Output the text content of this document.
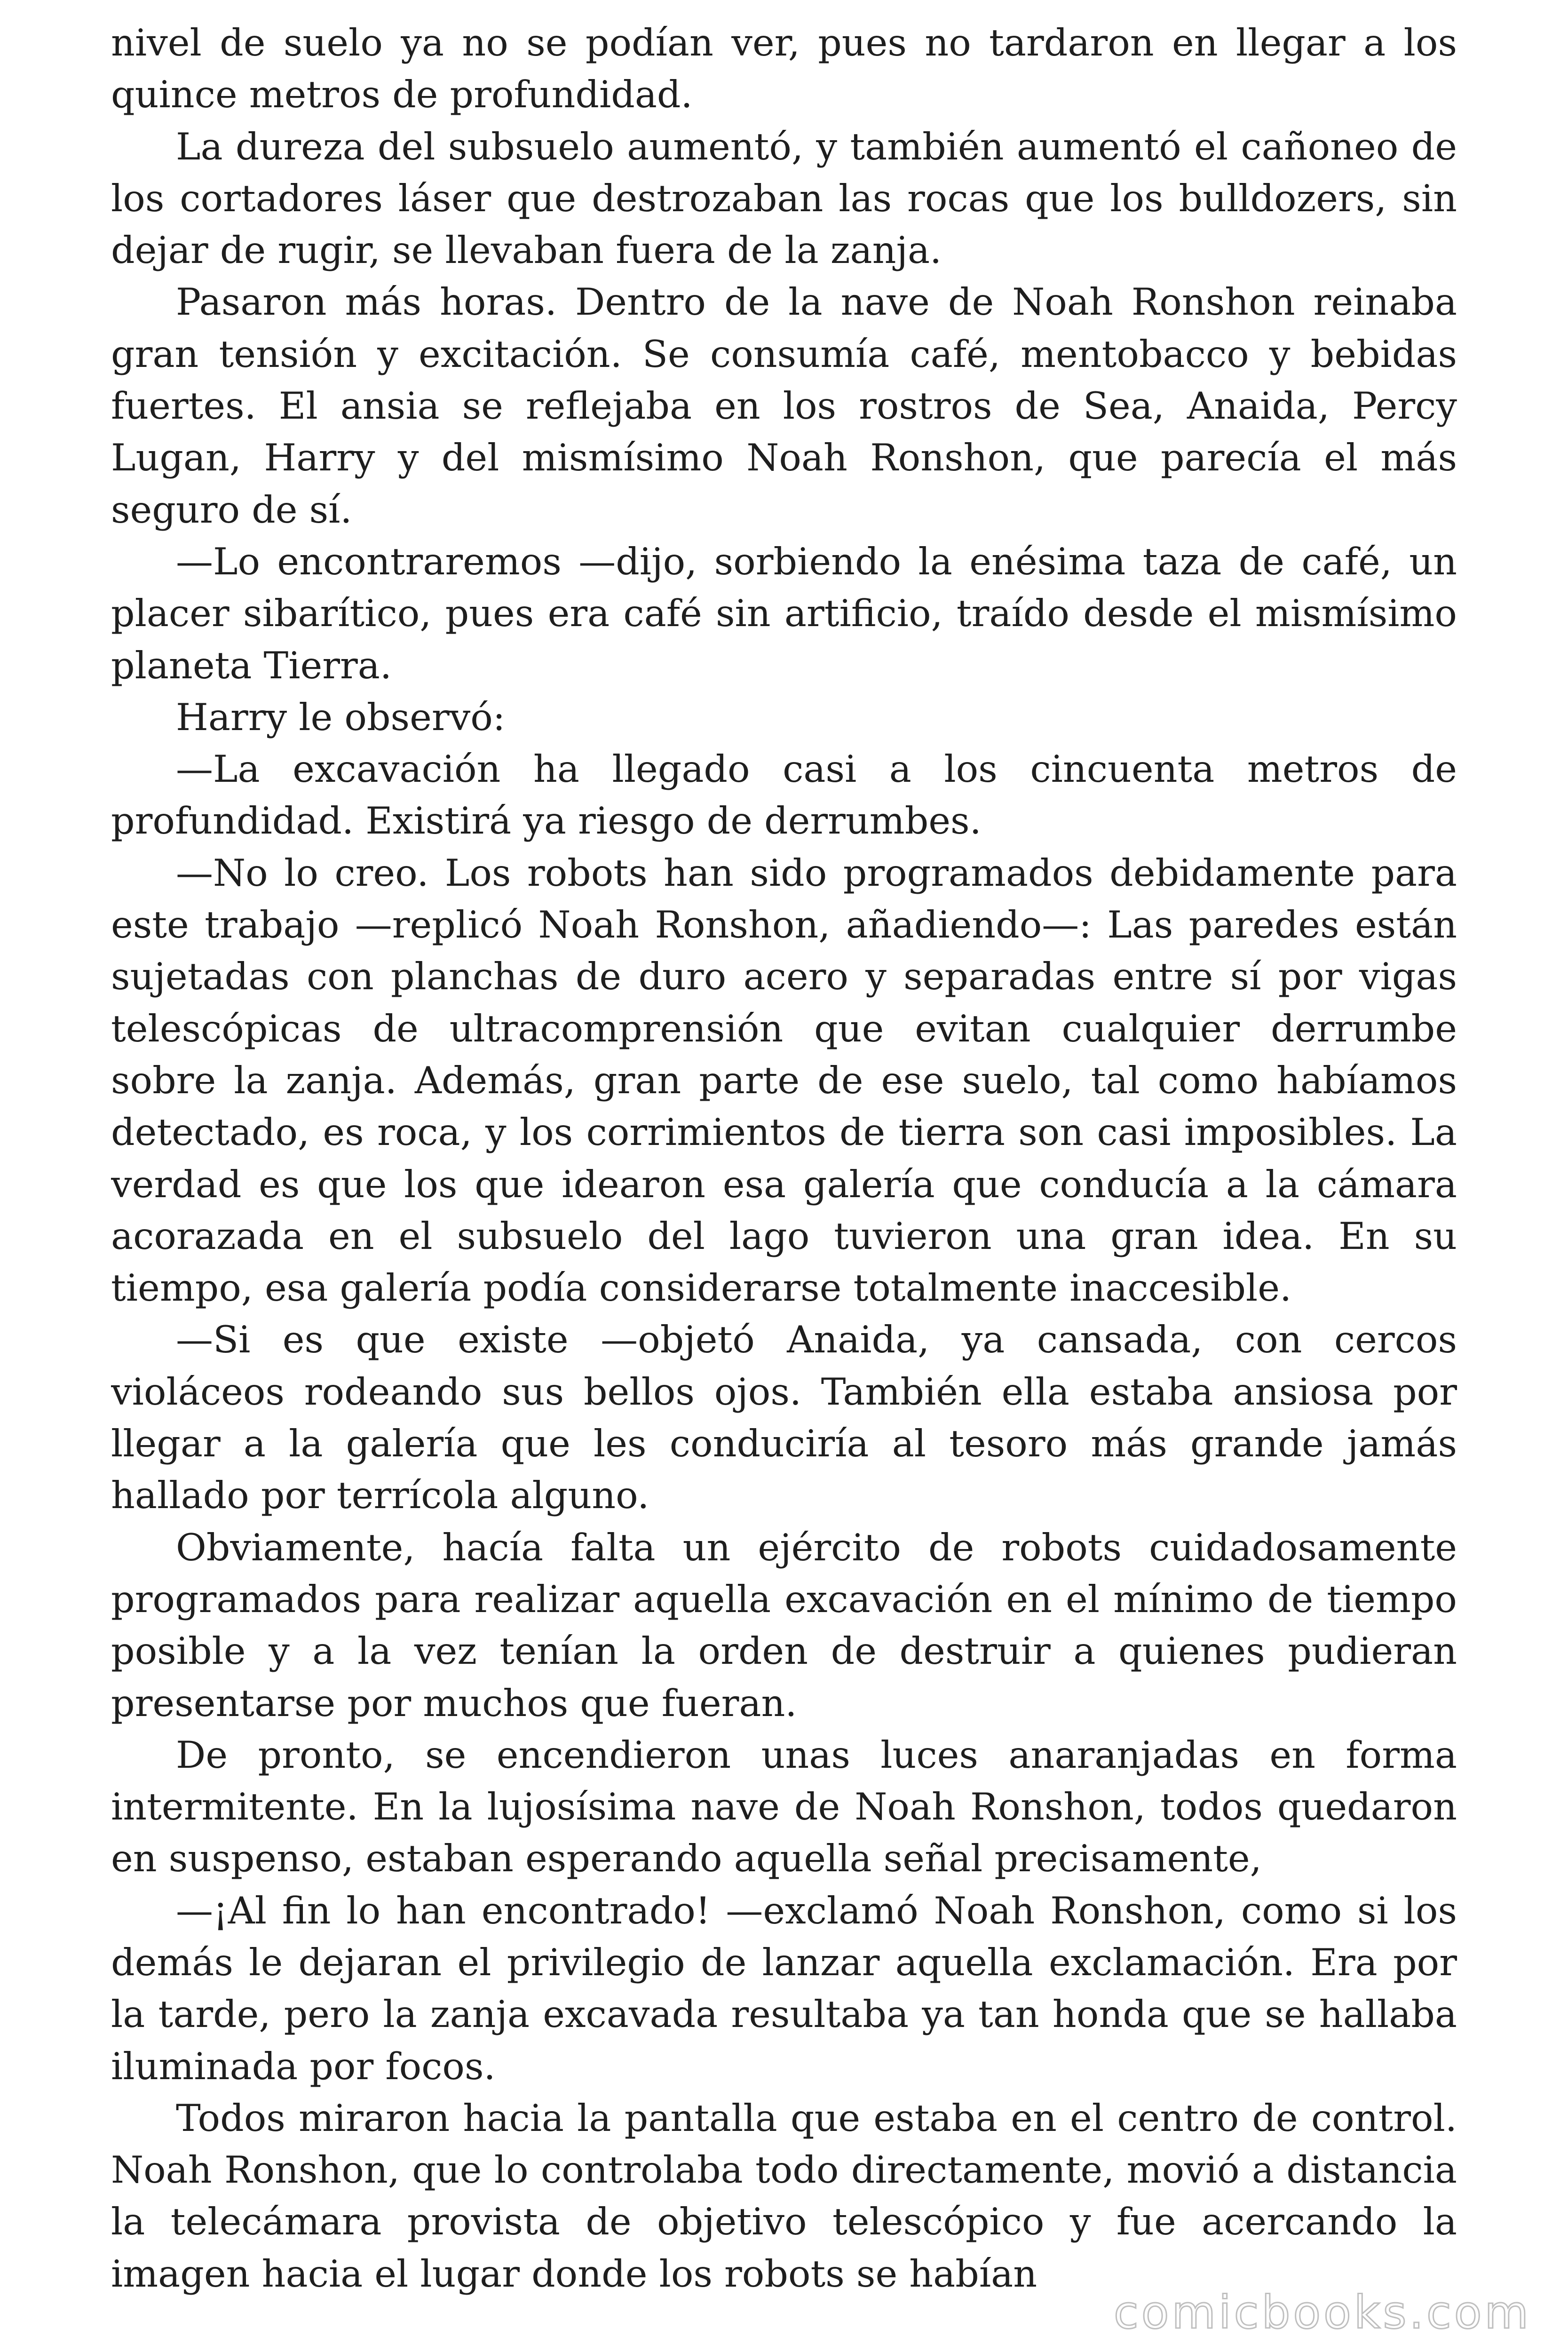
nivel de suelo ya no se podían ver, pues no tardaron en llegar a los quince metros de profundidad.

La dureza del subsuelo aumentó, y también aumentó el cañoneo de los cortadores láser que destrozaban las rocas que los bulldozers, sin dejar de rugir, se llevaban fuera de la zanja.

Pasaron más horas. Dentro de la nave de Noah Ronshon reinaba gran tensión y excitación. Se consumía café, mentobacco y bebidas fuertes. El ansia se reflejaba en los rostros de Sea, Anaida, Percy Lugan, Harry y del mismísimo Noah Ronshon, que parecía el más seguro de sí.

—Lo encontraremos —dijo, sorbiendo la enésima taza de café, un placer sibarítico, pues era café sin artificio, traído desde el mismísimo planeta Tierra.

Harry le observó:

—La excavación ha llegado casi a los cincuenta metros de profundidad. Existirá ya riesgo de derrumbes.

—No lo creo. Los robots han sido programados debidamente para este trabajo —replicó Noah Ronshon, añadiendo—: Las paredes están sujetadas con planchas de duro acero y separadas entre sí por vigas telescópicas de ultracomprensión que evitan cualquier derrumbe sobre la zanja. Además, gran parte de ese suelo, tal como habíamos detectado, es roca, y los corrimientos de tierra son casi imposibles. La verdad es que los que idearon esa galería que conducía a la cámara acorazada en el subsuelo del lago tuvieron una gran idea. En su tiempo, esa galería podía considerarse totalmente inaccesible.

—Si es que existe —objetó Anaida, ya cansada, con cercos violáceos rodeando sus bellos ojos. También ella estaba ansiosa por llegar a la galería que les conduciría al tesoro más grande jamás hallado por terrícola alguno.

Obviamente, hacía falta un ejército de robots cuidadosamente programados para realizar aquella excavación en el mínimo de tiempo posible y a la vez tenían la orden de destruir a quienes pudieran presentarse por muchos que fueran.

De pronto, se encendieron unas luces anaranjadas en forma intermitente. En la lujosísima nave de Noah Ronshon, todos quedaron en suspenso, estaban esperando aquella señal precisamente,

—¡Al fin lo han encontrado! —exclamó Noah Ronshon, como si los demás le dejaran el privilegio de lanzar aquella exclamación. Era por la tarde, pero la zanja excavada resultaba ya tan honda que se hallaba iluminada por focos.

Todos miraron hacia la pantalla que estaba en el centro de control. Noah Ronshon, que lo controlaba todo directamente, movió a distancia la telecámara provista de objetivo telescópico y fue acercando la imagen hacia el lugar donde los robots se habían

comicbooks.com
